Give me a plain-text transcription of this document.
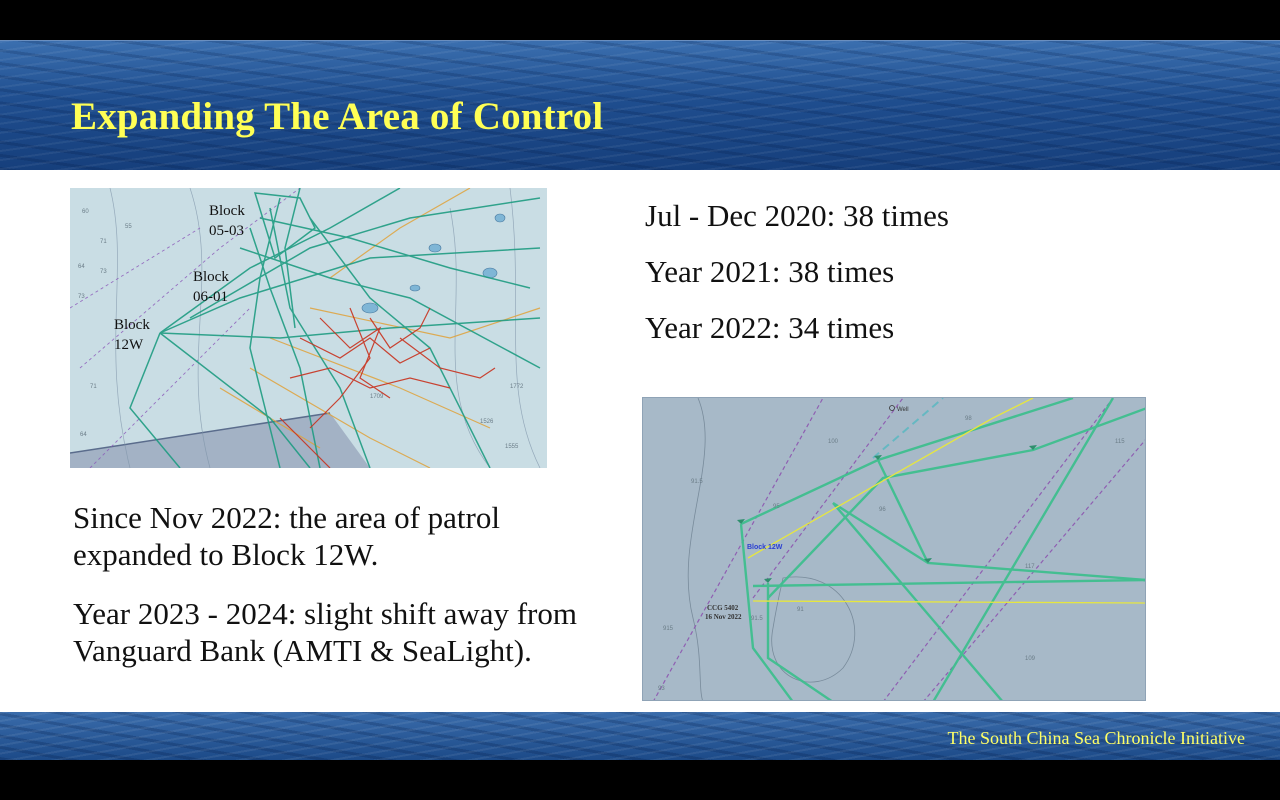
Expanding The Area of Control
60
71
64
73
73
55
71
64
1772
1555
1526
1709
Block
05-03
Block
06-01
Block
12W
Jul - Dec 2020: 38 times
Year 2021: 38 times
Year 2022: 34 times

Since Nov 2022: the area of patrol expanded to Block 12W.

Year 2023 - 2024: slight shift away from Vanguard Bank (AMTI & SeaLight).

100
98
115
91.5
96
117
91
91.5
915
109
93
95
Well
Block 12W
CCG 5402
16 Nov 2022
The South China Sea Chronicle Initiative
